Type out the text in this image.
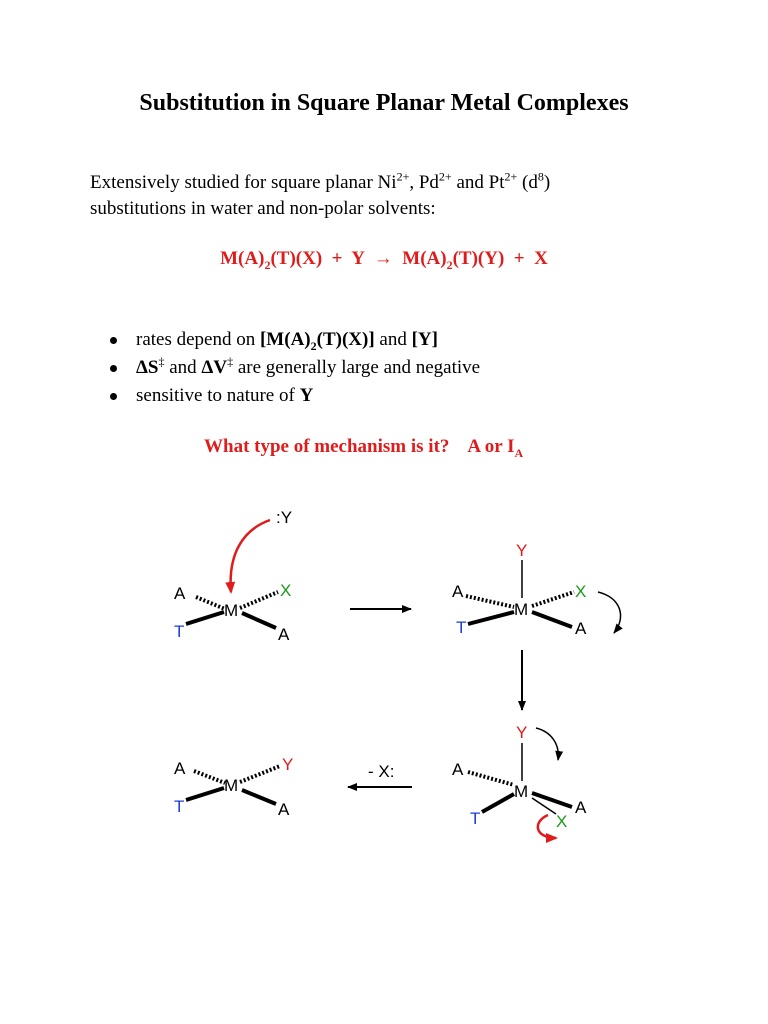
Substitution in Square Planar Metal Complexes
Extensively studied for square planar $Ni^{2+}$, $Pd^{2+}$ and $Pt^{2+}$ $(d^8)$
substitutions in water and non-polar solvents:
$M(A)_2(T)(X) + Y \to M(A)_2(T)(Y) + X$
rates depend on $[M(A)_2(T)(X)]$ and [Y]
ΔS‡ and ΔV‡ are generally large and negative
sensitive to nature of Y
What type of mechanism is it?    A or $I_A$
A
M
X
T	A
:Y
Y
A
M
X
T	A
Y
A
M
T
A
X
- X:
A
M
Y
T	A
